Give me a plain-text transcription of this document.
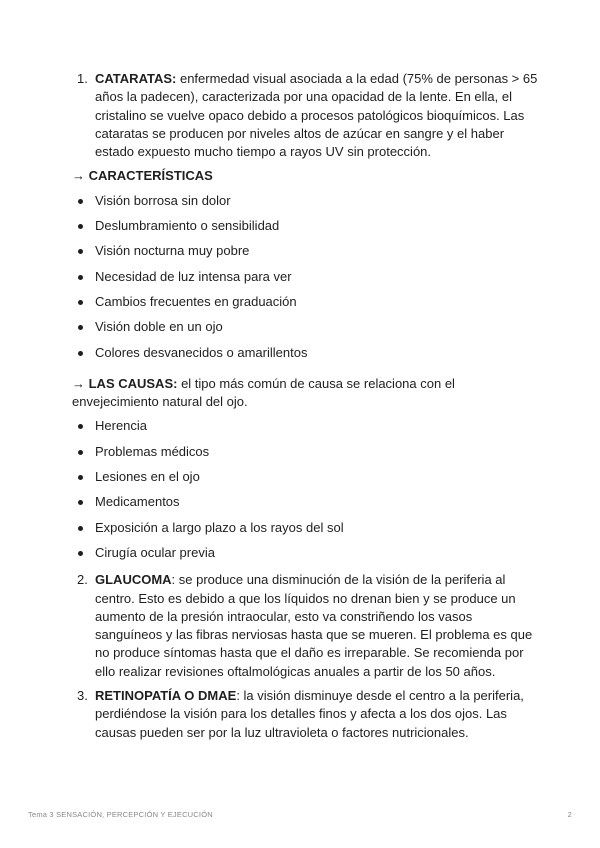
1. CATARATAS: enfermedad visual asociada a la edad (75% de personas > 65 años la padecen), caracterizada por una opacidad de la lente. En ella, el cristalino se vuelve opaco debido a procesos patológicos bioquímicos. Las cataratas se producen por niveles altos de azúcar en sangre y el haber estado expuesto mucho tiempo a rayos UV sin protección.
→ CARACTERÍSTICAS
Visión borrosa sin dolor
Deslumbramiento o sensibilidad
Visión nocturna muy pobre
Necesidad de luz intensa para ver
Cambios frecuentes en graduación
Visión doble en un ojo
Colores desvanecidos o amarillentos
→ LAS CAUSAS: el tipo más común de causa se relaciona con el envejecimiento natural del ojo.
Herencia
Problemas médicos
Lesiones en el ojo
Medicamentos
Exposición a largo plazo a los rayos del sol
Cirugía ocular previa
2. GLAUCOMA: se produce una disminución de la visión de la periferia al centro. Esto es debido a que los líquidos no drenan bien y se produce un aumento de la presión intraocular, esto va constriñendo los vasos sanguíneos y las fibras nerviosas hasta que se mueren. El problema es que no produce síntomas hasta que el daño es irreparable. Se recomienda por ello realizar revisiones oftalmológicas anuales a partir de los 50 años.
3. RETINOPATÍA O DMAE: la visión disminuye desde el centro a la periferia, perdiéndose la visión para los detalles finos y afecta a los dos ojos. Las causas pueden ser por la luz ultravioleta o factores nutricionales.
Tema 3 SENSACIÓN, PERCEPCIÓN Y EJECUCIÓN	2
